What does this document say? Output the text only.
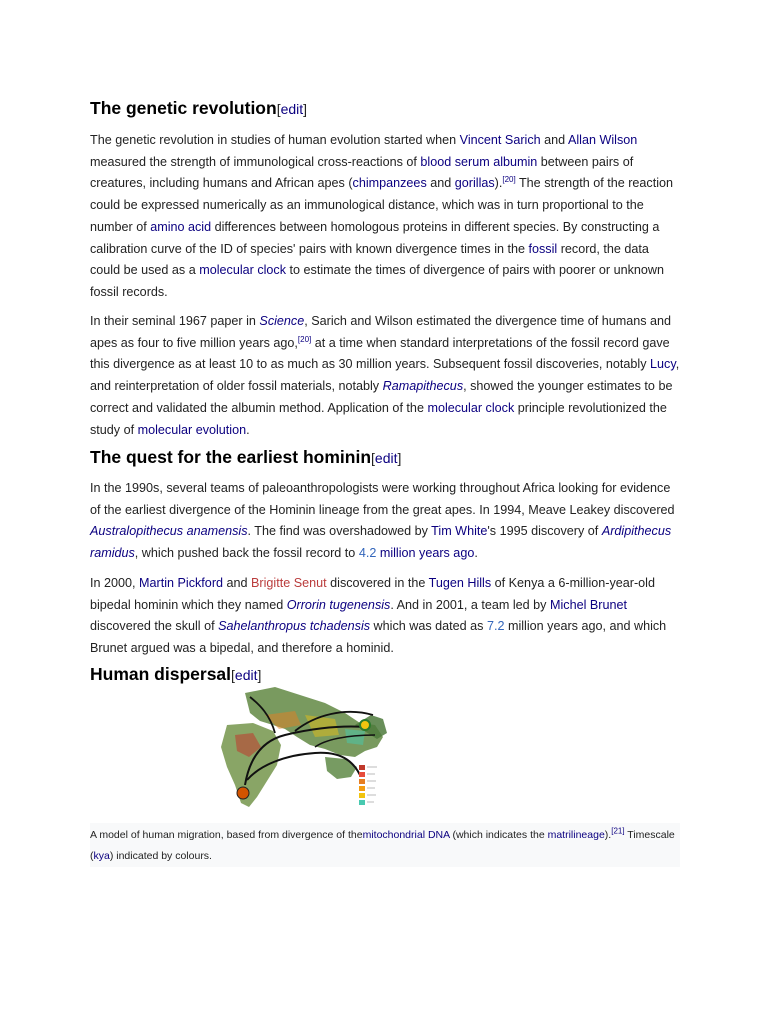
The genetic revolution[edit]

The genetic revolution in studies of human evolution started when Vincent Sarich and Allan Wilson measured the strength of immunological cross-reactions of blood serum albumin between pairs of creatures, including humans and African apes (chimpanzees and gorillas).[20] The strength of the reaction could be expressed numerically as an immunological distance, which was in turn proportional to the number of amino acid differences between homologous proteins in different species. By constructing a calibration curve of the ID of species' pairs with known divergence times in the fossil record, the data could be used as a molecular clock to estimate the times of divergence of pairs with poorer or unknown fossil records.

In their seminal 1967 paper in Science, Sarich and Wilson estimated the divergence time of humans and apes as four to five million years ago,[20] at a time when standard interpretations of the fossil record gave this divergence as at least 10 to as much as 30 million years. Subsequent fossil discoveries, notably Lucy, and reinterpretation of older fossil materials, notably Ramapithecus, showed the younger estimates to be correct and validated the albumin method. Application of the molecular clock principle revolutionized the study of molecular evolution.

The quest for the earliest hominin[edit]

In the 1990s, several teams of paleoanthropologists were working throughout Africa looking for evidence of the earliest divergence of the Hominin lineage from the great apes. In 1994, Meave Leakey discovered Australopithecus anamensis. The find was overshadowed by Tim White's 1995 discovery of Ardipithecus ramidus, which pushed back the fossil record to 4.2 million years ago.

In 2000, Martin Pickford and Brigitte Senut discovered in the Tugen Hills of Kenya a 6-million-year-old bipedal hominin which they named Orrorin tugenensis. And in 2001, a team led by Michel Brunet discovered the skull of Sahelanthropus tchadensis which was dated as 7.2 million years ago, and which Brunet argued was a bipedal, and therefore a hominid.

Human dispersal[edit]
A model of human migration, based from divergence of themitochondrial DNA (which indicates the matrilineage).[21] Timescale (kya) indicated by colours.
